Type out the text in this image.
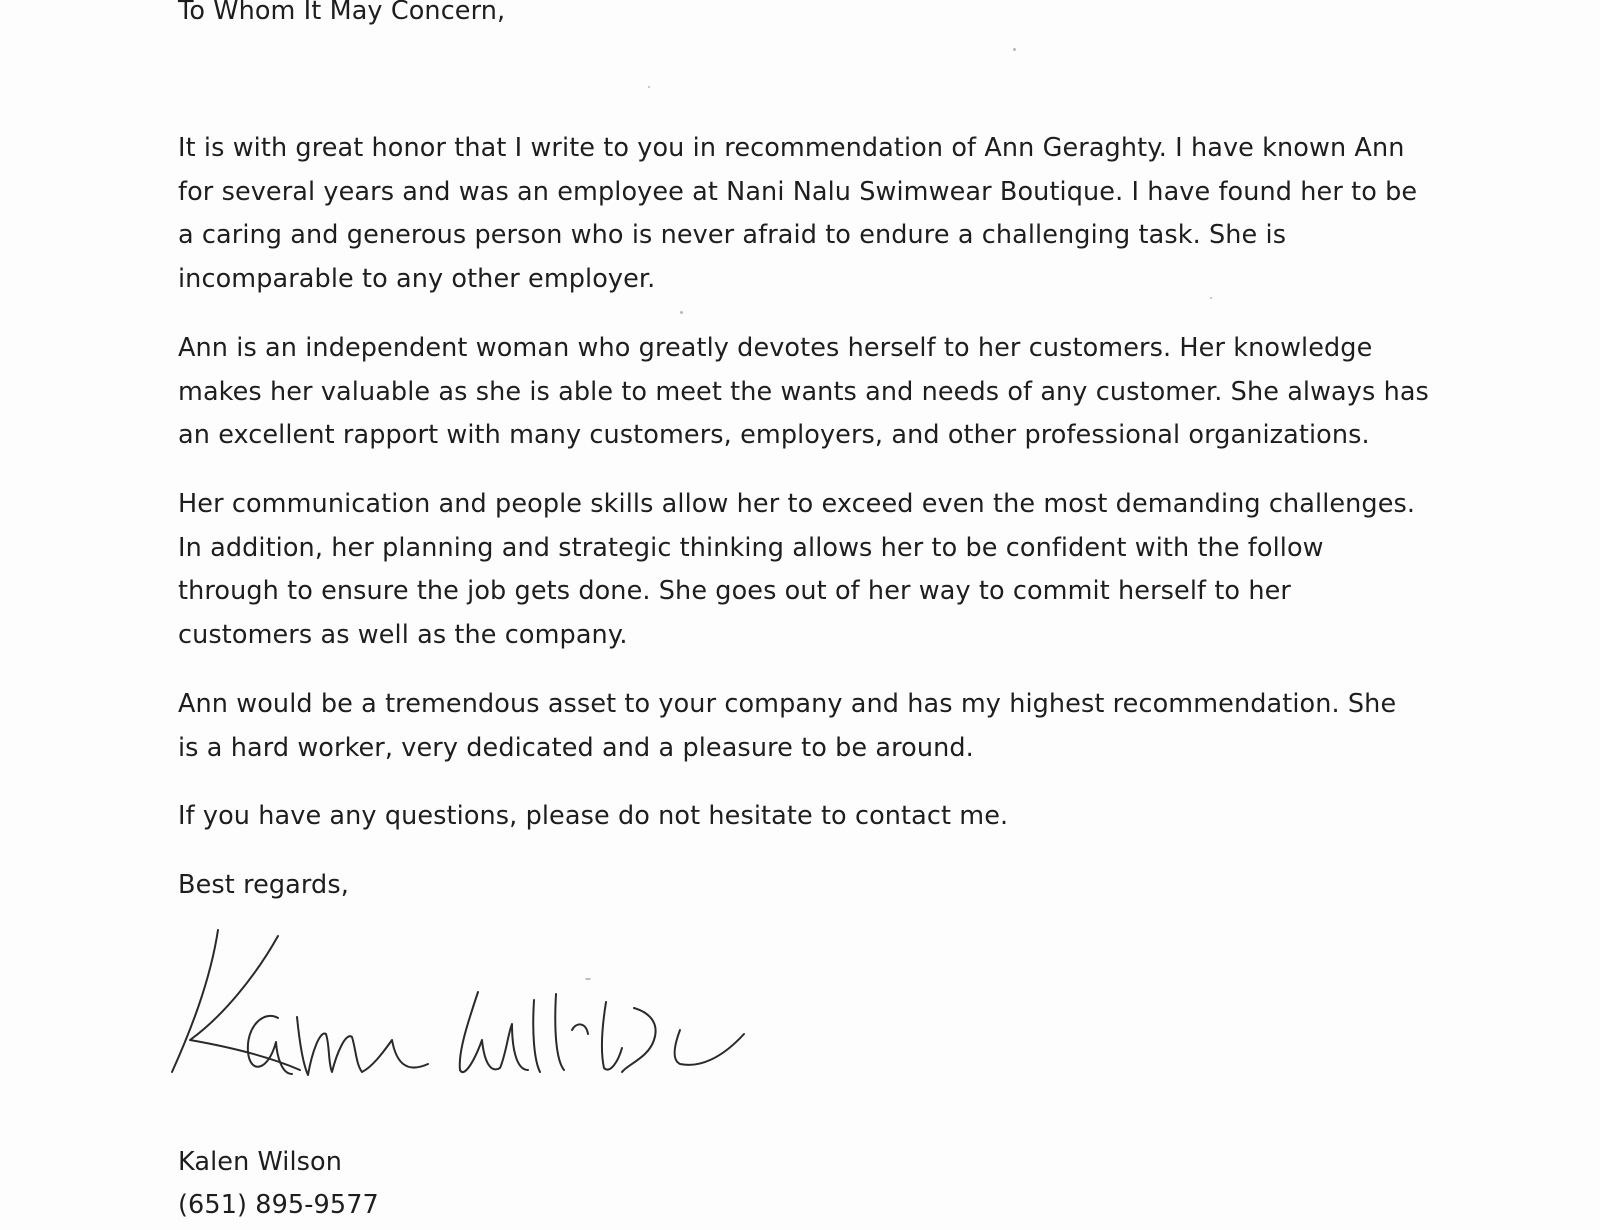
To Whom It May Concern,

It is with great honor that I write to you in recommendation of Ann Geraghty. I have known Ann
for several years and was an employee at Nani Nalu Swimwear Boutique. I have found her to be
a caring and generous person who is never afraid to endure a challenging task. She is
incomparable to any other employer.

Ann is an independent woman who greatly devotes herself to her customers. Her knowledge
makes her valuable as she is able to meet the wants and needs of any customer. She always has
an excellent rapport with many customers, employers, and other professional organizations.

Her communication and people skills allow her to exceed even the most demanding challenges.
In addition, her planning and strategic thinking allows her to be confident with the follow
through to ensure the job gets done. She goes out of her way to commit herself to her
customers as well as the company.

Ann would be a tremendous asset to your company and has my highest recommendation. She
is a hard worker, very dedicated and a pleasure to be around.

If you have any questions, please do not hesitate to contact me.

Best regards,

Kalen Wilson

(651) 895-9577
